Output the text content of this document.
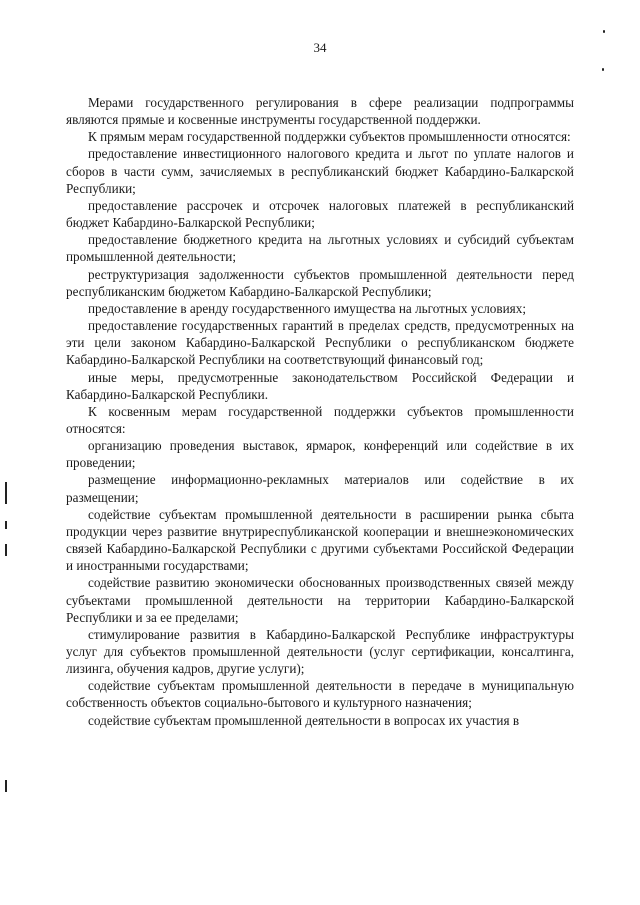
34

Мерами государственного регулирования в сфере реализации подпрограммы являются прямые и косвенные инструменты государственной поддержки.

К прямым мерам государственной поддержки субъектов промышленности относятся:

предоставление инвестиционного налогового кредита и льгот по уплате налогов и сборов в части сумм, зачисляемых в республиканский бюджет Кабардино-Балкарской Республики;

предоставление рассрочек и отсрочек налоговых платежей в республиканский бюджет Кабардино-Балкарской Республики;

предоставление бюджетного кредита на льготных условиях и субсидий субъектам промышленной деятельности;

реструктуризация задолженности субъектов промышленной деятельности перед республиканским бюджетом Кабардино-Балкарской Республики;

предоставление в аренду государственного имущества на льготных условиях;

предоставление государственных гарантий в пределах средств, предусмотренных на эти цели законом Кабардино-Балкарской Республики о республиканском бюджете Кабардино-Балкарской Республики на соответствующий финансовый год;

иные меры, предусмотренные законодательством Российской Федерации и Кабардино-Балкарской Республики.

К косвенным мерам государственной поддержки субъектов промышленности относятся:

организацию проведения выставок, ярмарок, конференций или содействие в их проведении;

размещение информационно-рекламных материалов или содействие в их размещении;

содействие субъектам промышленной деятельности в расширении рынка сбыта продукции через развитие внутриреспубликанской кооперации и внешнеэкономических связей Кабардино-Балкарской Республики с другими субъектами Российской Федерации и иностранными государствами;

содействие развитию экономически обоснованных производственных связей между субъектами промышленной деятельности на территории Кабардино-Балкарской Республики и за ее пределами;

стимулирование развития в Кабардино-Балкарской Республике инфраструктуры услуг для субъектов промышленной деятельности (услуг сертификации, консалтинга, лизинга, обучения кадров, другие услуги);

содействие субъектам промышленной деятельности в передаче в муниципальную собственность объектов социально-бытового и культурного назначения;

содействие субъектам промышленной деятельности в вопросах их участия в
